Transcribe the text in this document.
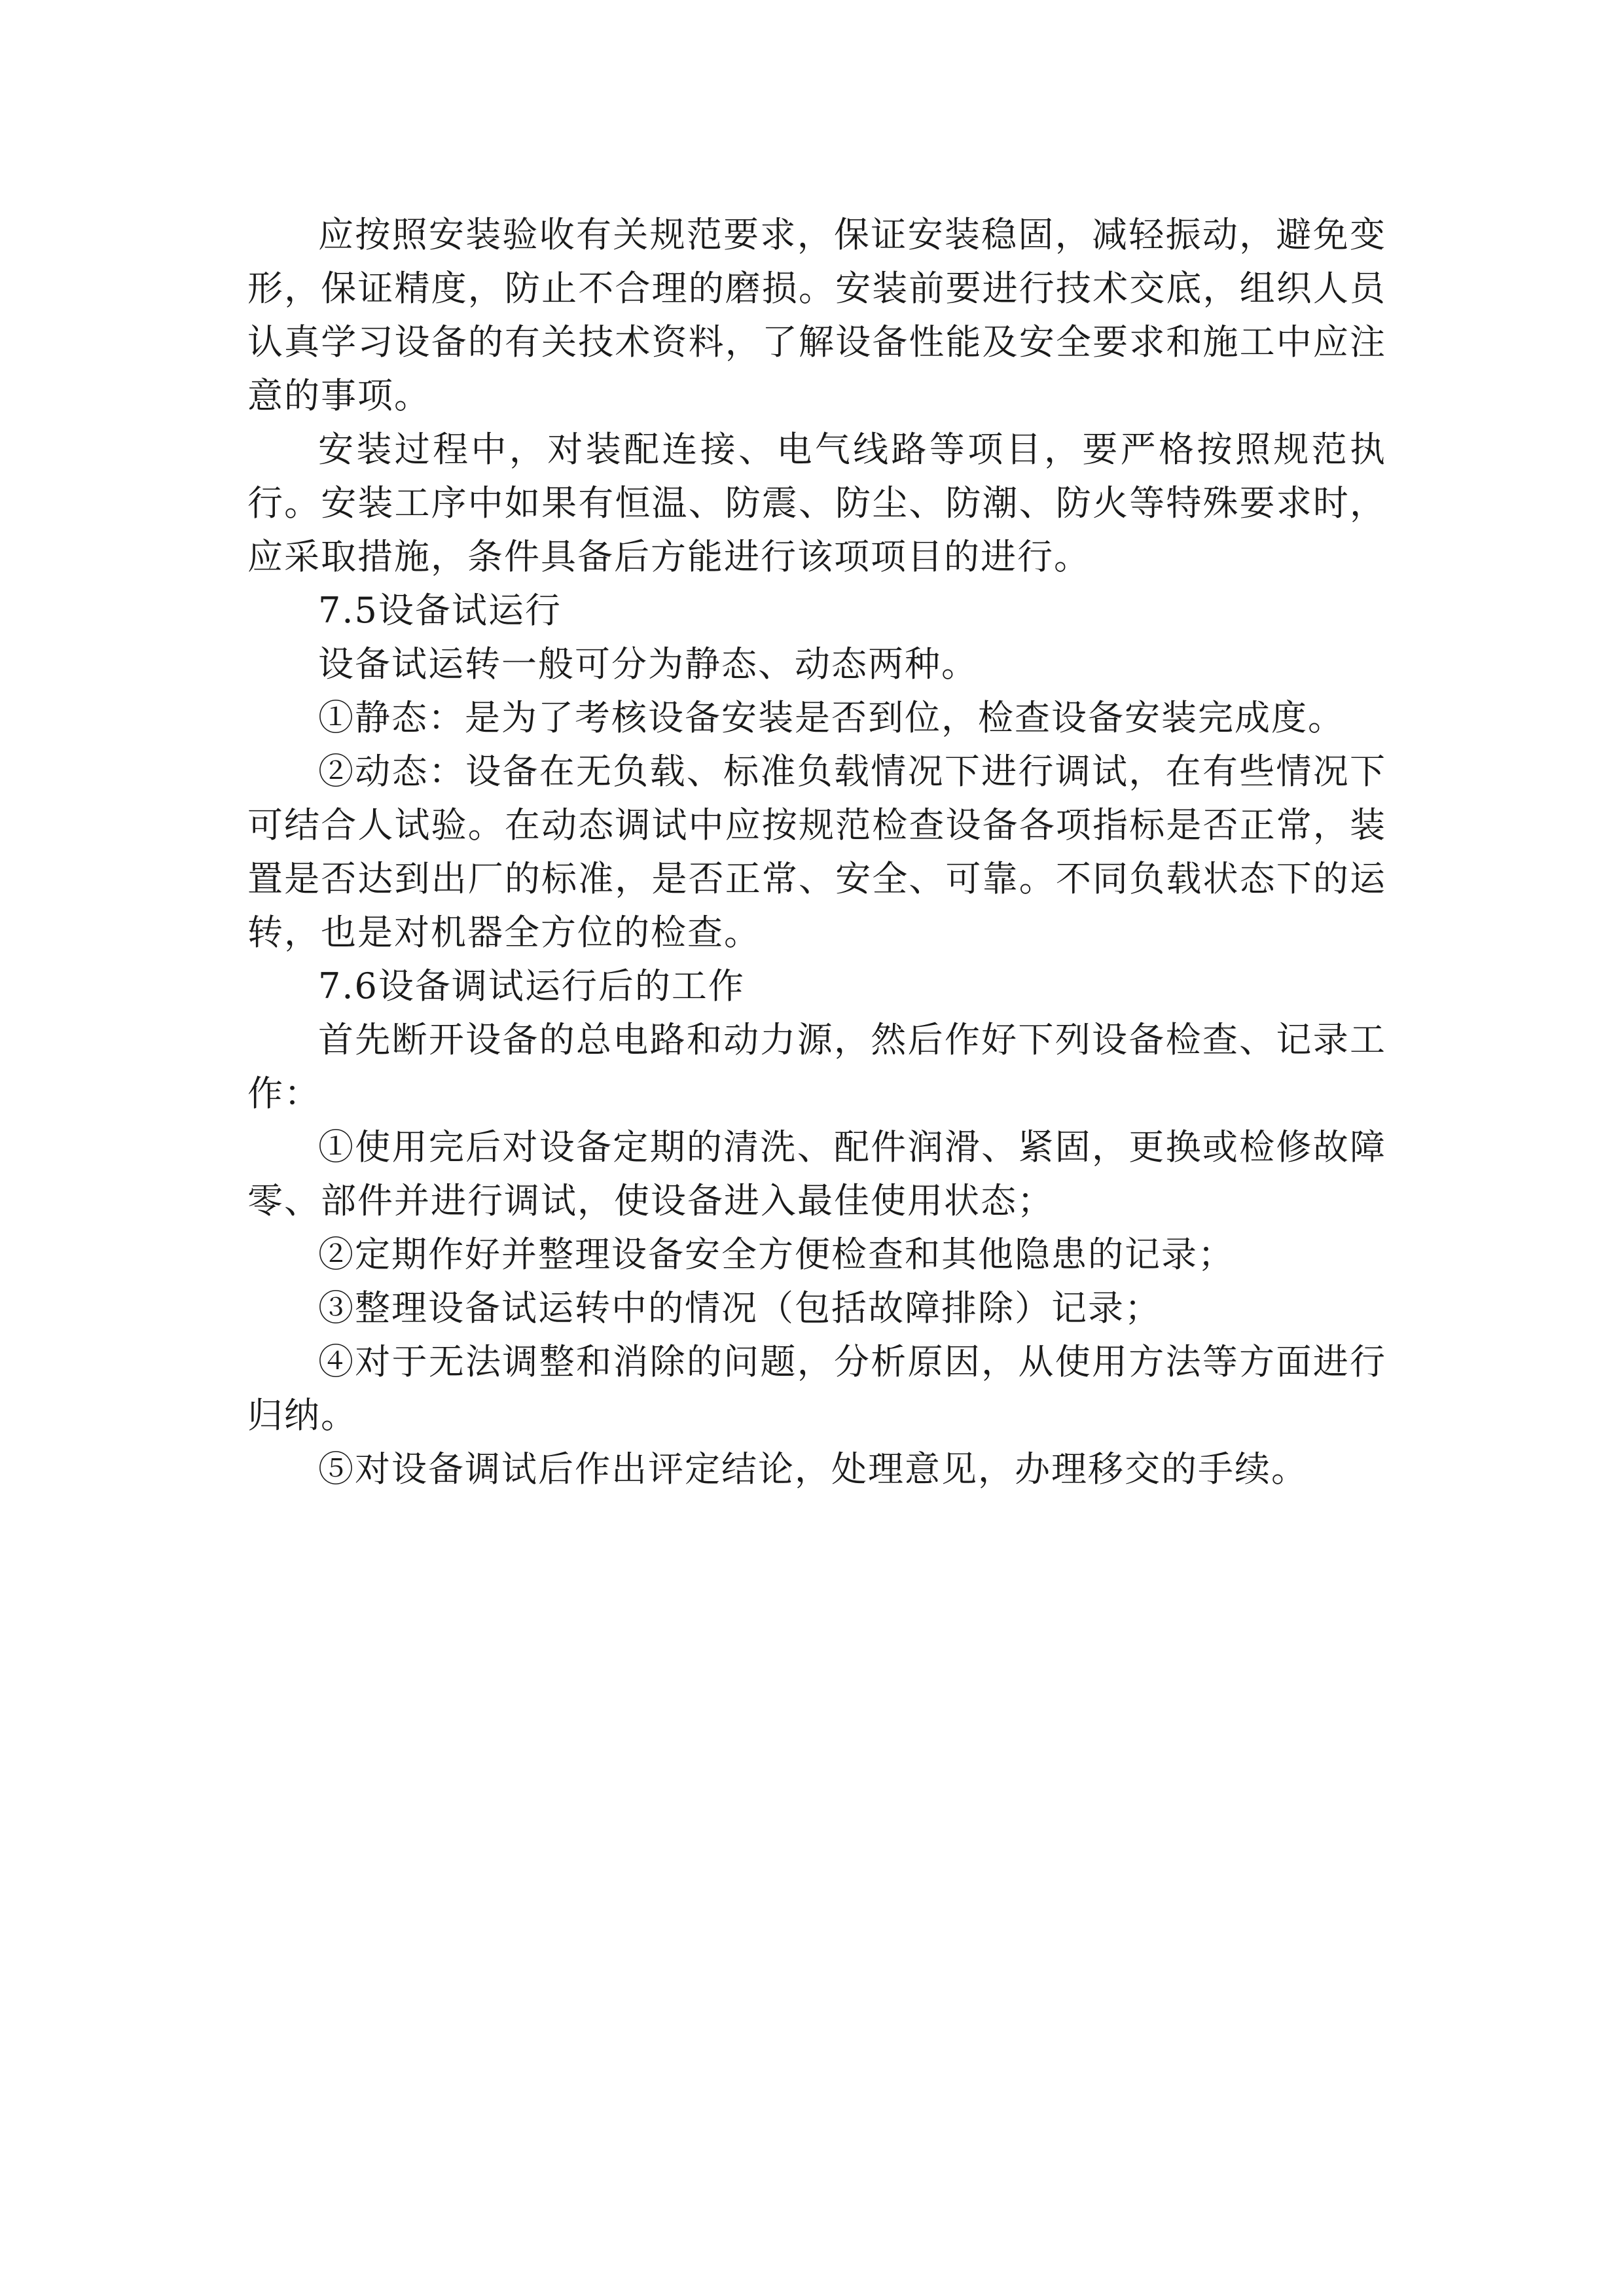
应按照安装验收有关规范要求，保证安装稳固，减轻振动，避免变形，保证精度，防止不合理的磨损。安装前要进行技术交底，组织人员认真学习设备的有关技术资料，了解设备性能及安全要求和施工中应注意的事项。

安装过程中，对装配连接、电气线路等项目，要严格按照规范执行。安装工序中如果有恒温、防震、防尘、防潮、防火等特殊要求时，应采取措施，条件具备后方能进行该项项目的进行。

7.5设备试运行

设备试运转一般可分为静态、动态两种。

①静态：是为了考核设备安装是否到位，检查设备安装完成度。

②动态：设备在无负载、标准负载情况下进行调试，在有些情况下可结合人试验。在动态调试中应按规范检查设备各项指标是否正常，装置是否达到出厂的标准，是否正常、安全、可靠。不同负载状态下的运转，也是对机器全方位的检查。

7.6设备调试运行后的工作

首先断开设备的总电路和动力源，然后作好下列设备检查、记录工作：

①使用完后对设备定期的清洗、配件润滑、紧固，更换或检修故障零、部件并进行调试，使设备进入最佳使用状态；

②定期作好并整理设备安全方便检查和其他隐患的记录；

③整理设备试运转中的情况（包括故障排除）记录；

④对于无法调整和消除的问题，分析原因，从使用方法等方面进行归纳。

⑤对设备调试后作出评定结论，处理意见，办理移交的手续。
